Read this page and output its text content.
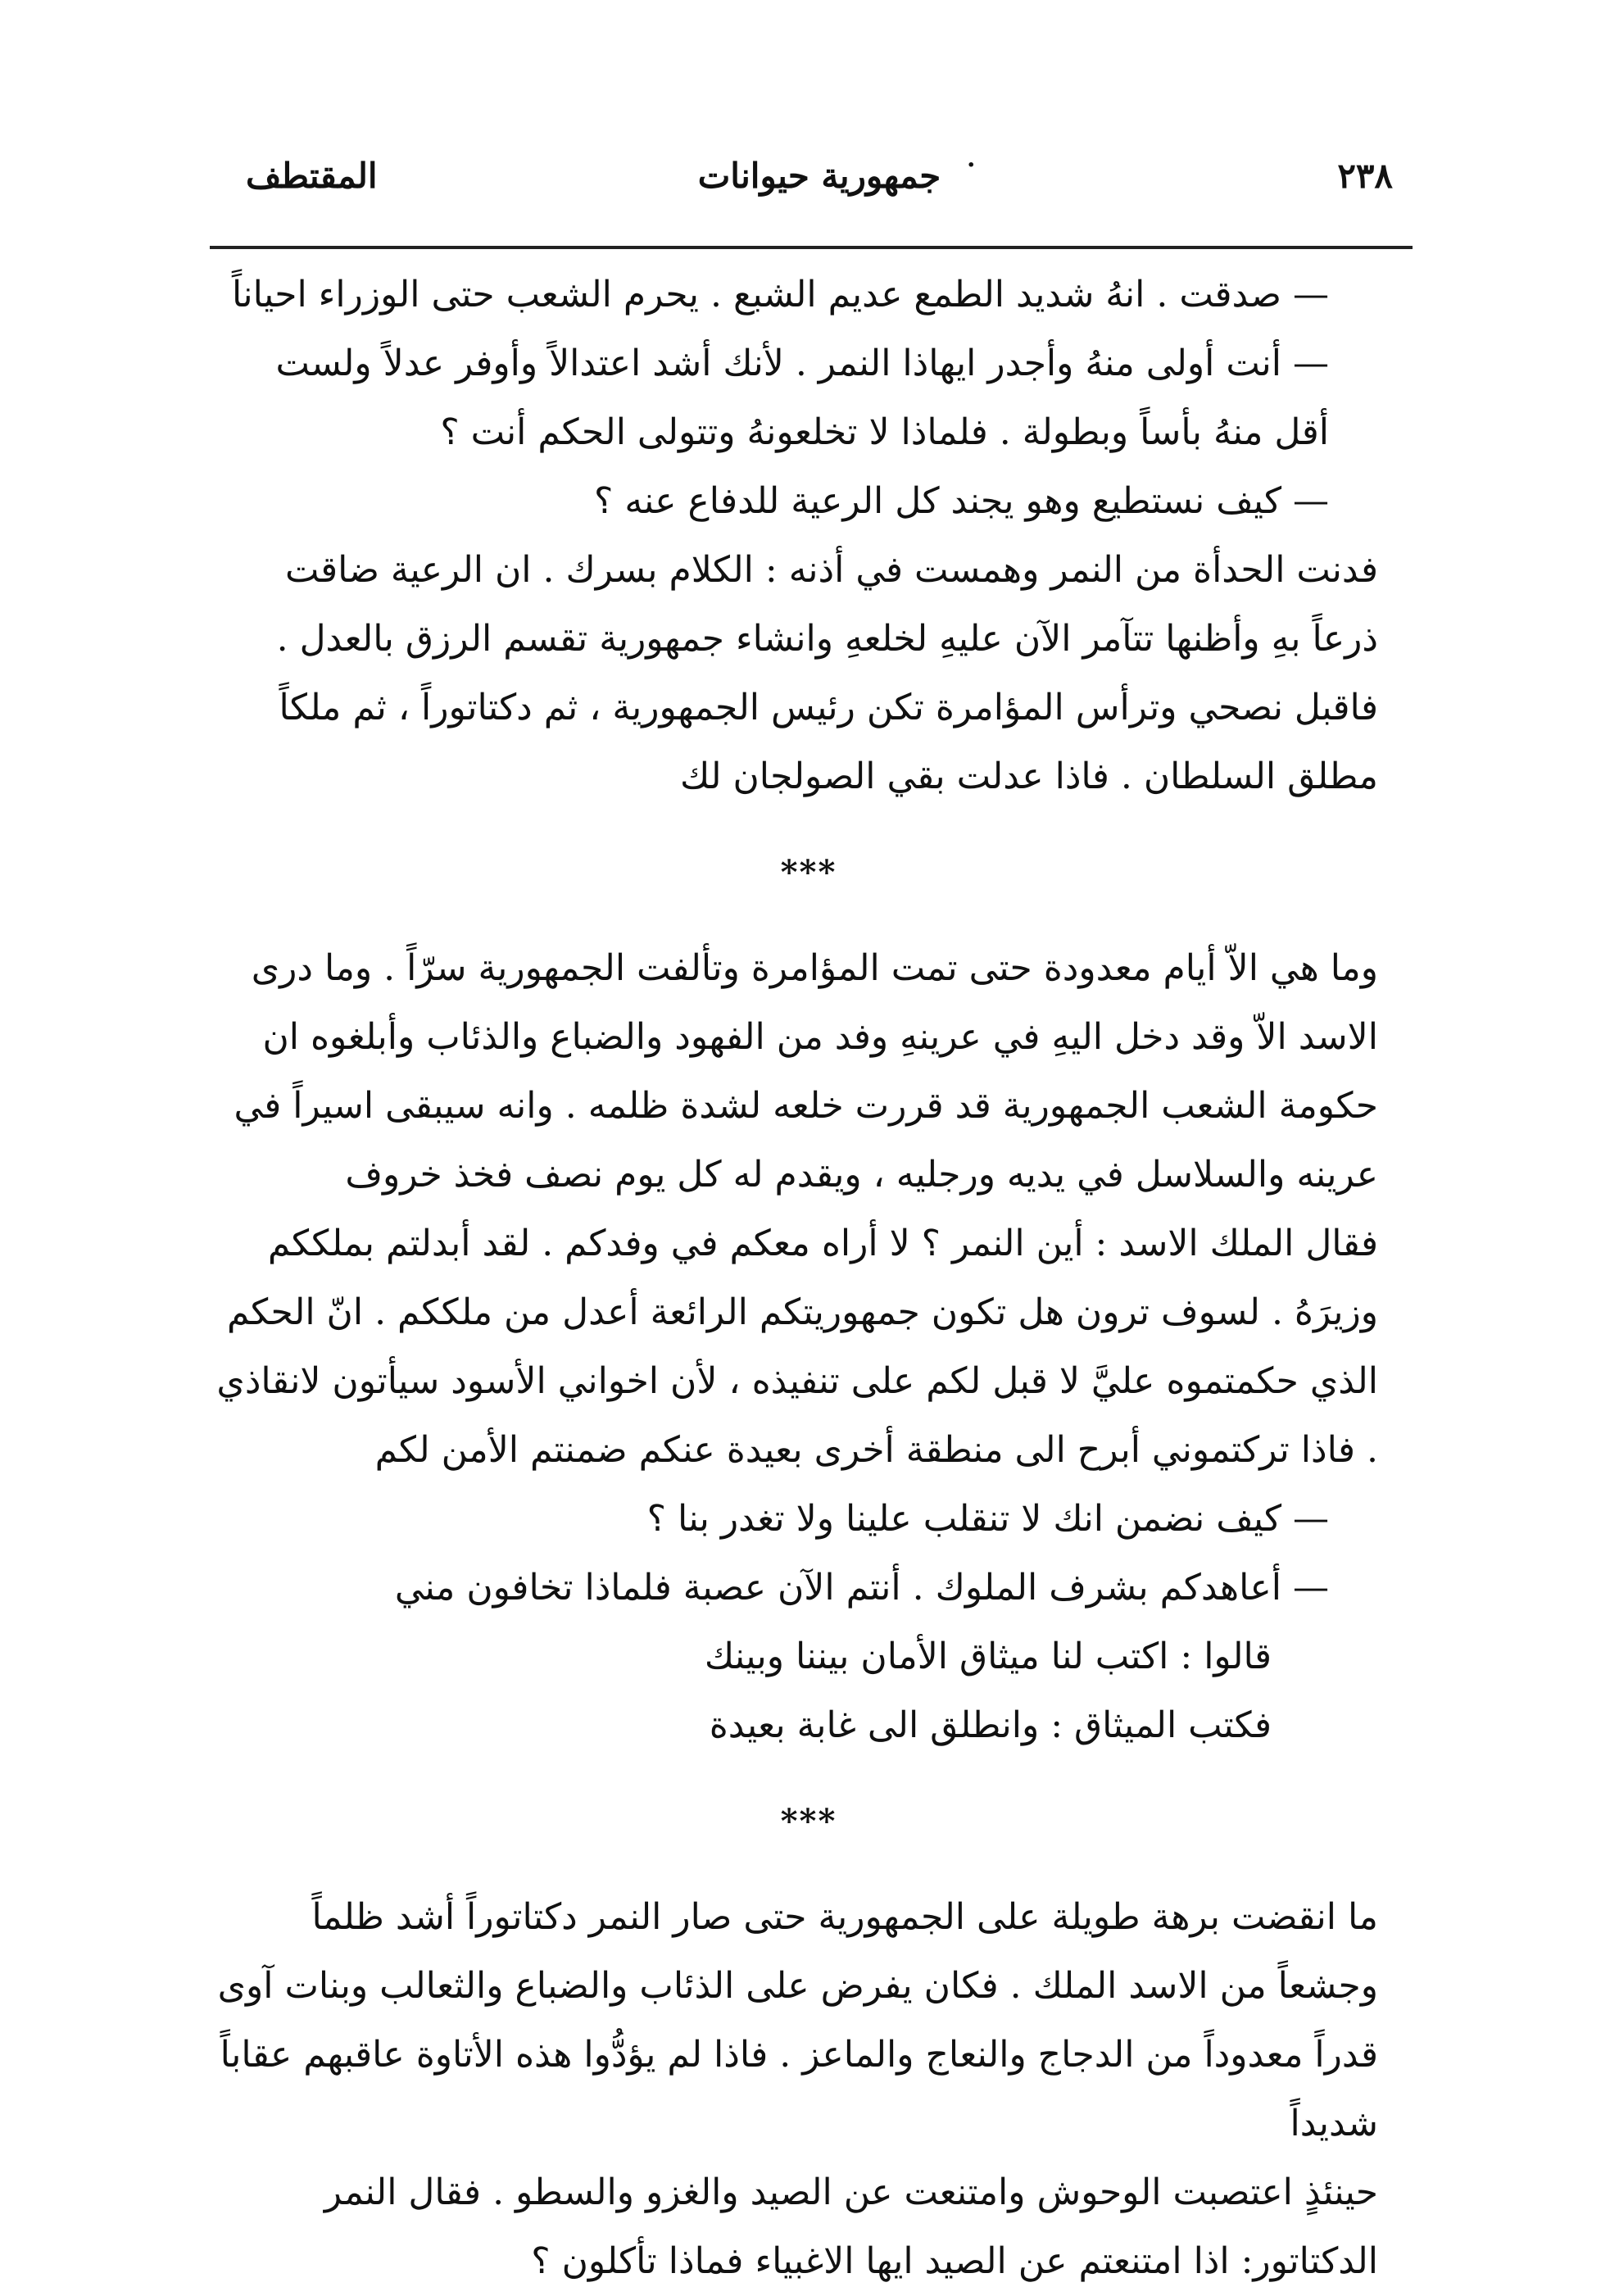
٢٣٨
جمهورية حيوانات	·
المقتطف

— صدقت . انهُ شديد الطمع عديم الشبع . يحرم الشعب حتى الوزراء احياناً

— أنت أولى منهُ وأجدر ايهاذا النمر . لأنك أشد اعتدالاً وأوفر عدلاً ولست أقل منهُ بأساً وبطولة . فلماذا لا تخلعونهُ وتتولى الحكم أنت ؟

— كيف نستطيع وهو يجند كل الرعية للدفاع عنه ؟

فدنت الحدأة من النمر وهمست في أذنه : الكلام بسرك . ان الرعية ضاقت ذرعاً بهِ وأظنها تتآمر الآن عليهِ لخلعهِ وانشاء جمهورية تقسم الرزق بالعدل . فاقبل نصحي وترأس المؤامرة تكن رئيس الجمهورية ، ثم دكتاتوراً ، ثم ملكاً مطلق السلطان . فاذا عدلت بقي الصولجان لك

***

وما هي الاّ أيام معدودة حتى تمت المؤامرة وتألفت الجمهورية سرّاً . وما درى الاسد الاّ وقد دخل اليهِ في عرينهِ وفد من الفهود والضباع والذئاب وأبلغوه ان حكومة الشعب الجمهورية قد قررت خلعه لشدة ظلمه . وانه سيبقى اسيراً في عرينه والسلاسل في يديه ورجليه ، ويقدم له كل يوم نصف فخذ خروف

فقال الملك الاسد : أين النمر ؟ لا أراه معكم في وفدكم . لقد أبدلتم بملككم وزيرَهُ . لسوف ترون هل تكون جمهوريتكم الرائعة أعدل من ملككم . انّ الحكم الذي حكمتموه عليَّ لا قبل لكم على تنفيذه ، لأن اخواني الأسود سيأتون لانقاذي . فاذا تركتموني أبرح الى منطقة أخرى بعيدة عنكم ضمنتم الأمن لكم

— كيف نضمن انك لا تنقلب علينا ولا تغدر بنا ؟

— أعاهدكم بشرف الملوك . أنتم الآن عصبة فلماذا تخافون مني

قالوا : اكتب لنا ميثاق الأمان بيننا وبينك

فكتب الميثاق : وانطلق الى غابة بعيدة

***

ما انقضت برهة طويلة على الجمهورية حتى صار النمر دكتاتوراً أشد ظلماً وجشعاً من الاسد الملك . فكان يفرض على الذئاب والضباع والثعالب وبنات آوى قدراً معدوداً من الدجاج والنعاج والماعز . فاذا لم يؤدُّوا هذه الأتاوة عاقبهم عقاباً شديداً

حينئذٍ اعتصبت الوحوش وامتنعت عن الصيد والغزو والسطو . فقال النمر الدكتاتور: اذا امتنعتم عن الصيد ايها الاغبياء فماذا تأكلون ؟
